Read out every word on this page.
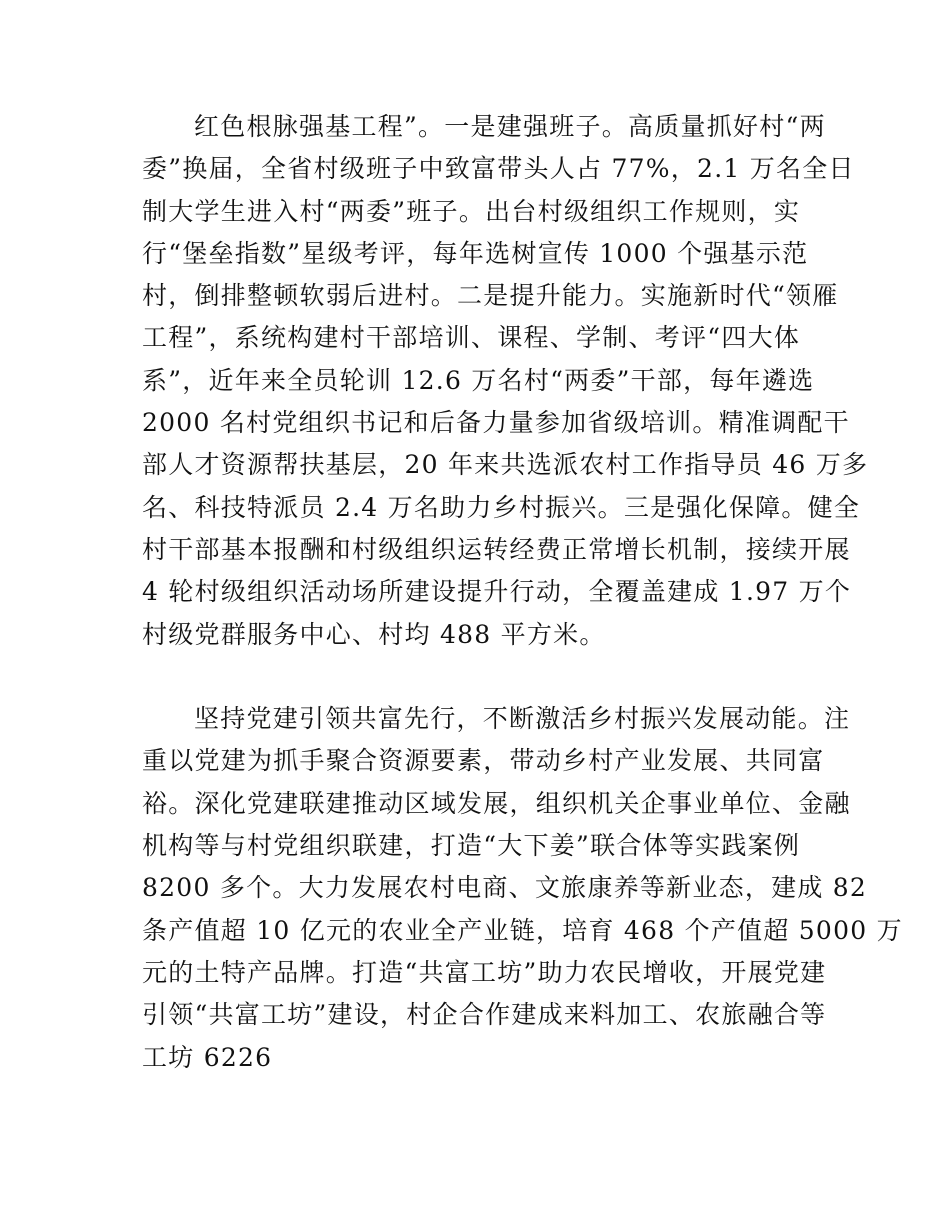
红色根脉强基工程”。一是建强班子。高质量抓好村“两
委”换届，全省村级班子中致富带头人占 77%，2.1 万名全日
制大学生进入村“两委”班子。出台村级组织工作规则，实
行“堡垒指数”星级考评，每年选树宣传 1000 个强基示范
村，倒排整顿软弱后进村。二是提升能力。实施新时代“领雁
工程”，系统构建村干部培训、课程、学制、考评“四大体
系”，近年来全员轮训 12.6 万名村“两委”干部，每年遴选
2000 名村党组织书记和后备力量参加省级培训。精准调配干
部人才资源帮扶基层，20 年来共选派农村工作指导员 46 万多
名、科技特派员 2.4 万名助力乡村振兴。三是强化保障。健全
村干部基本报酬和村级组织运转经费正常增长机制，接续开展
4 轮村级组织活动场所建设提升行动，全覆盖建成 1.97 万个
村级党群服务中心、村均 488 平方米。
坚持党建引领共富先行，不断激活乡村振兴发展动能。注
重以党建为抓手聚合资源要素，带动乡村产业发展、共同富
裕。深化党建联建推动区域发展，组织机关企事业单位、金融
机构等与村党组织联建，打造“大下姜”联合体等实践案例
8200 多个。大力发展农村电商、文旅康养等新业态，建成 82
条产值超 10 亿元的农业全产业链，培育 468 个产值超 5000 万
元的土特产品牌。打造“共富工坊”助力农民增收，开展党建
引领“共富工坊”建设，村企合作建成来料加工、农旅融合等
工坊 6226
